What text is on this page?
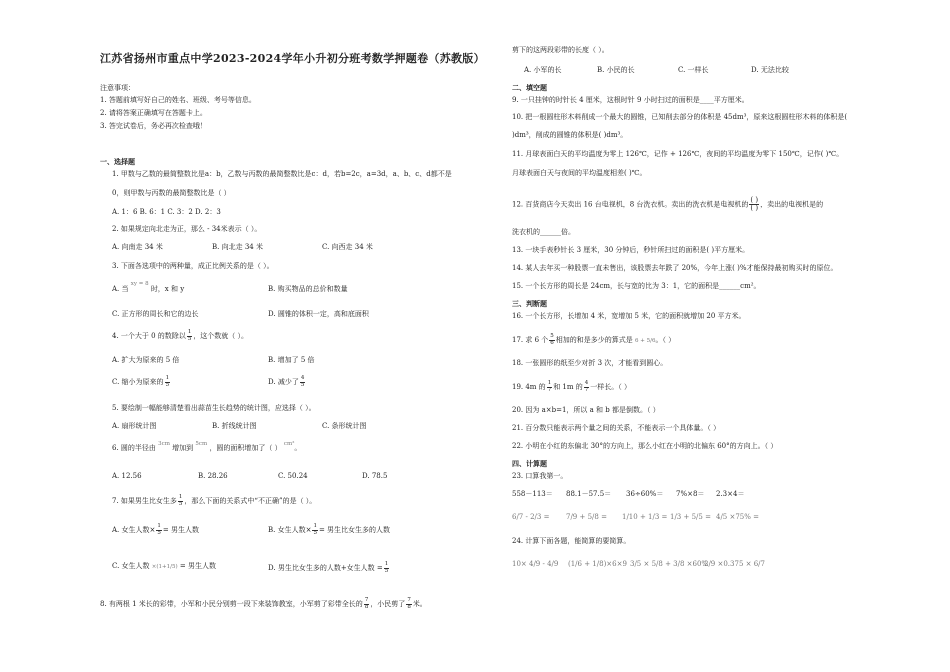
江苏省扬州市重点中学2023-2024学年小升初分班考数学押题卷（苏教版）
注意事项：
1. 答题前填写好自己的姓名、班级、考号等信息。
2. 请将答案正确填写在答题卡上。
3. 答完试卷后，务必再次检查哦！
一、选择题
1. 甲数与乙数的最简整数比是a：b，乙数与丙数的最简整数比是c：d，若b=2c，a=3d，a、b、c、d都不是
0，则甲数与丙数的最简整数比是（ ）
A. 1：6 B. 6：1 C. 3：2 D. 2：3
2. 如果规定向北走为正，那么 - 34米表示（ ）。
A. 向南走 34 米	B. 向北走 34 米	C. 向西走 34 米
3. 下面各选项中的两种量，成正比例关系的是（ ）。
A. 当 $^{xy = 8}$ 时，x 和 y	B. 购买物品的总价和数量
C. 正方形的周长和它的边长	D. 圆锥的体积一定，高和底面积
4. 一个大于 0 的数除以 $\frac{1}{5}$ ，这个数就（ ）。
A. 扩大为原来的 5 倍	B. 增加了 5 倍
C. 缩小为原来的 $\frac{1}{5}$	D. 减少了 $\frac{4}{5}$
5. 要绘制一幅能够清楚看出蒜苗生长趋势的统计图，应选择（ ）。
A. 扇形统计图	B. 折线统计图	C. 条形统计图
6. 圆的半径由 $^{3cm}$ 增加到 $^{5cm}$ ，圆的面积增加了（ ） $^{cm^2}$。
A. 12.56	B. 28.26	C. 50.24	D. 78.5
7. 如果男生比女生多 $\frac{1}{5}$ ，那么下面的关系式中“不正确”的是（ ）。
A. 女生人数× $\frac{1}{5}$ = 男生人数	B. 女生人数× $\frac{1}{5}$ = 男生比女生多的人数
C. 女生人数 ×(1+1/5) = 男生人数	D. 男生比女生多的人数+女生人数 = $\frac{1}{5}$
8. 有两根 1 米长的彩带，小军和小民分别剪一段下来装饰教室，小军剪了彩带全长的 $\frac{7}{8}$ ，小民剪了 $\frac{7}{8}$ 米。
剪下的这两段彩带的长度（ ）。
A. 小军的长	B. 小民的长	C. 一样长	D. 无法比较
二、填空题
9. 一只挂钟的时针长 4 厘米，这根时针 9 小时扫过的面积是____平方厘米。
10. 把一根圆柱形木料削成一个最大的圆锥，已知削去部分的体积是 45dm³，原来这根圆柱形木料的体积是(
)dm³，削成的圆锥的体积是( )dm³。
11. 月球表面白天的平均温度为零上 126℃，记作 + 126℃，夜间的平均温度为零下 150℃，记作( )℃。
月球表面白天与夜间的平均温度相差( )℃。
12. 百货商店今天卖出 16 台电视机，8 台洗衣机。卖出的洗衣机是电视机的
( )
( ) ，卖出的电视机是的
洗衣机的______倍。
13. 一块手表秒针长 3 厘米，30 分钟后，秒针所扫过的面积是( )平方厘米。
14. 某人去年买一种股票一直未售出，该股票去年跌了 20%，今年上涨( )%才能保持最初购买时的原位。
15. 一个长方形的周长是 24cm，长与宽的比为 3：1，它的面积是______cm²。
三、判断题
16. 一个长方形，长增加 4 米，宽增加 5 米，它的面积就增加 20 平方米。
17. 求 6 个 $\frac{5}{6}$ 相加的和是多少的算式是 6 + 5/6。（ ）
18. 一张圆形的纸至少对折 3 次，才能看到圆心。
19. 4m 的 $\frac{1}{7}$ 和 1m 的 $\frac{4}{7}$ 一样长。（ ）
20. 因为 a×b=1，所以 a 和 b 都是倒数。（ ）
21. 百分数只能表示两个量之间的关系，不能表示一个具体量。（ ）
22. 小明在小红的东偏北 30°的方向上，那么小红在小明的北偏东 60°的方向上。（ ）
四、计算题
23. 口算我第一。
558－113＝ 88.1－57.5＝ 36÷60%＝ 7%×8＝ 2.3×4＝
6/7 - 2/3 = 7/9 + 5/8 = 1/10 + 1/3 = 1/3 + 5/5 = 4/5 ×75% =
24. 计算下面各题，能简算的要简算。
10× 4/9 - 4/9 (1/6 + 1/8)×6×9 3/5 × 5/8 + 3/8 ×60%
2/9 ×0.375 × 6/7
